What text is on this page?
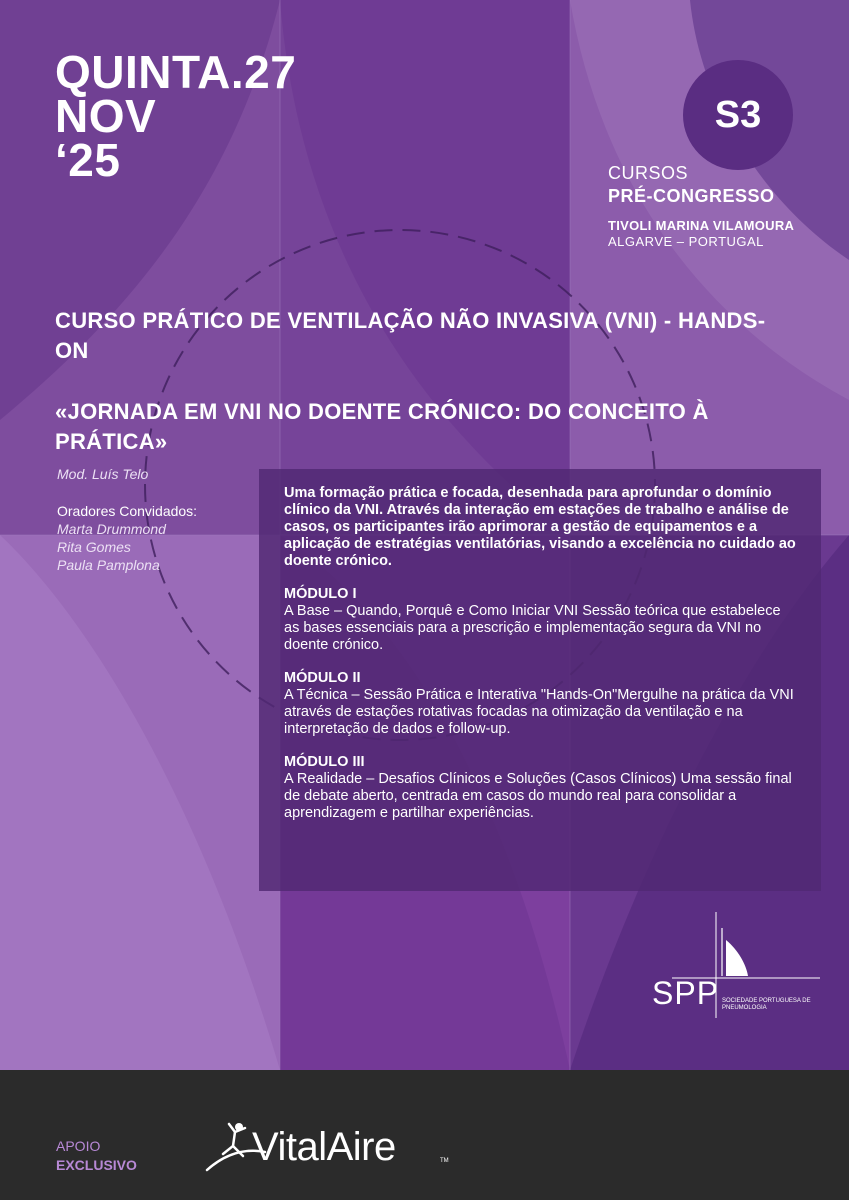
QUINTA.27
NOV
‘25
S3
CURSOS
PRÉ-CONGRESSO
TIVOLI MARINA VILAMOURA
ALGARVE – PORTUGAL
CURSO PRÁTICO DE VENTILAÇÃO NÃO INVASIVA (VNI) - HANDS-ON
«JORNADA EM VNI NO DOENTE CRÓNICO: DO CONCEITO À PRÁTICA»
Mod. Luís Telo
Oradores Convidados:
Marta Drummond
Rita Gomes
Paula Pamplona
Uma formação prática e focada, desenhada para aprofundar o domínio clínico da VNI. Através da interação em estações de trabalho e análise de casos, os participantes irão aprimorar a gestão de equipamentos e a aplicação de estratégias ventilatórias, visando a excelência no cuidado ao doente crónico.
MÓDULO I
A Base – Quando, Porquê e Como Iniciar VNI Sessão teórica que estabelece as bases essenciais para a prescrição e implementação segura da VNI no doente crónico.
MÓDULO II
A Técnica – Sessão Prática e Interativa "Hands-On"Mergulhe na prática da VNI através de estações rotativas focadas na otimização da ventilação e na interpretação de dados e follow-up.
MÓDULO III
A Realidade – Desafios Clínicos e Soluções (Casos Clínicos) Uma sessão final de debate aberto, centrada em casos do mundo real para consolidar a aprendizagem e partilhar experiências.
SPP SOCIEDADE PORTUGUESA DE PNEUMOLOGIA
APOIO
EXCLUSIVO	VitalAire	TM
